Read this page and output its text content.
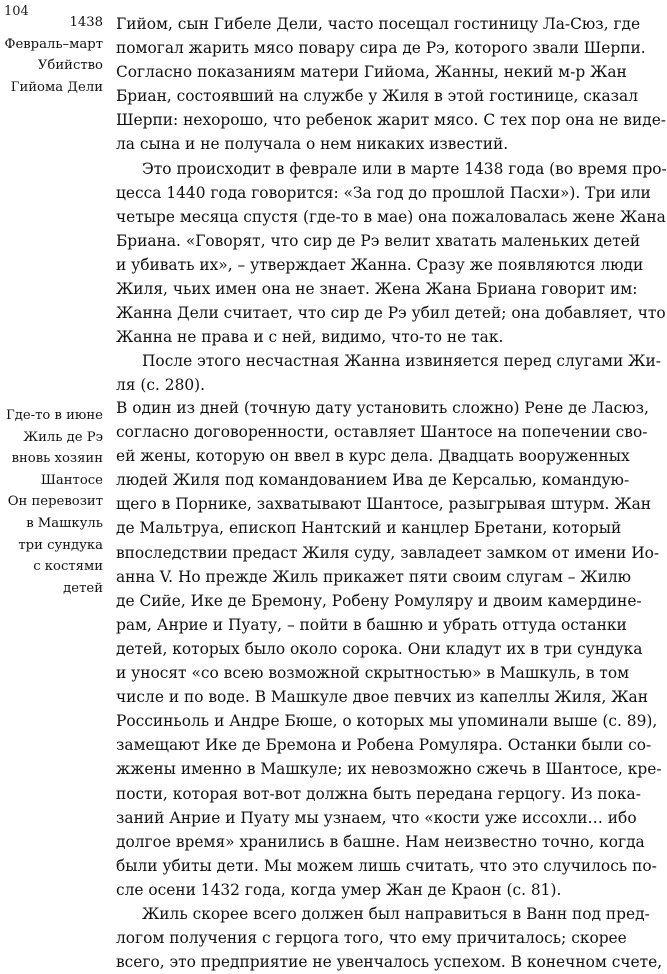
104
1438
Февраль–март
Убийство
Гийома Дели
Где-то в июне
Жиль де Рэ
вновь хозяин
Шантосе
Он перевозит
в Машкуль
три сундука
с костями
детей
Гийом, сын Гибеле Дели, часто посещал гостиницу Ла-Сюз, где
помогал жарить мясо повару сира де Рэ, которого звали Шерпи.
Согласно показаниям матери Гийома, Жанны, некий м-р Жан
Бриан, состоявший на службе у Жиля в этой гостинице, сказал
Шерпи: нехорошо, что ребенок жарит мясо. С тех пор она не виде-
ла сына и не получала о нем никаких известий.
Это происходит в феврале или в марте 1438 года (во время про-
цесса 1440 года говорится: «За год до прошлой Пасхи»). Три или
четыре месяца спустя (где-то в мае) она пожаловалась жене Жана
Бриана. «Говорят, что сир де Рэ велит хватать маленьких детей
и убивать их», – утверждает Жанна. Сразу же появляются люди
Жиля, чьих имен она не знает. Жена Жана Бриана говорит им:
Жанна Дели считает, что сир де Рэ убил детей; она добавляет, что
Жанна не права и с ней, видимо, что-то не так.
После этого несчастная Жанна извиняется перед слугами Жи-
ля (с. 280).
В один из дней (точную дату установить сложно) Рене де Ласюз,
согласно договоренности, оставляет Шантосе на попечении сво-
ей жены, которую он ввел в курс дела. Двадцать вооруженных
людей Жиля под командованием Ива де Керсалью, командую-
щего в Порнике, захватывают Шантосе, разыгрывая штурм. Жан
де Мальтруа, епископ Нантский и канцлер Бретани, который
впоследствии предаст Жиля суду, завладеет замком от имени Ио-
анна V. Но прежде Жиль прикажет пяти своим слугам – Жилю
де Сийе, Ике де Бремону, Робену Ромуляру и двоим камердине-
рам, Анрие и Пуату, – пойти в башню и убрать оттуда останки
детей, которых было около сорока. Они кладут их в три сундука
и уносят «со всею возможной скрытностью» в Машкуль, в том
числе и по воде. В Машкуле двое певчих из капеллы Жиля, Жан
Россиньоль и Андре Бюше, о которых мы упоминали выше (с. 89),
замещают Ике де Бремона и Робена Ромуляра. Останки были со-
жжены именно в Машкуле; их невозможно сжечь в Шантосе, кре-
пости, которая вот-вот должна быть передана герцогу. Из пока-
заний Анрие и Пуату мы узнаем, что «кости уже иссохли… ибо
долгое время» хранились в башне. Нам неизвестно точно, когда
были убиты дети. Мы можем лишь считать, что это случилось по-
сле осени 1432 года, когда умер Жан де Краон (с. 81).
Жиль скорее всего должен был направиться в Ванн под пред-
логом получения с герцога того, что ему причиталось; скорее
всего, это предприятие не увенчалось успехом. В конечном счете,
